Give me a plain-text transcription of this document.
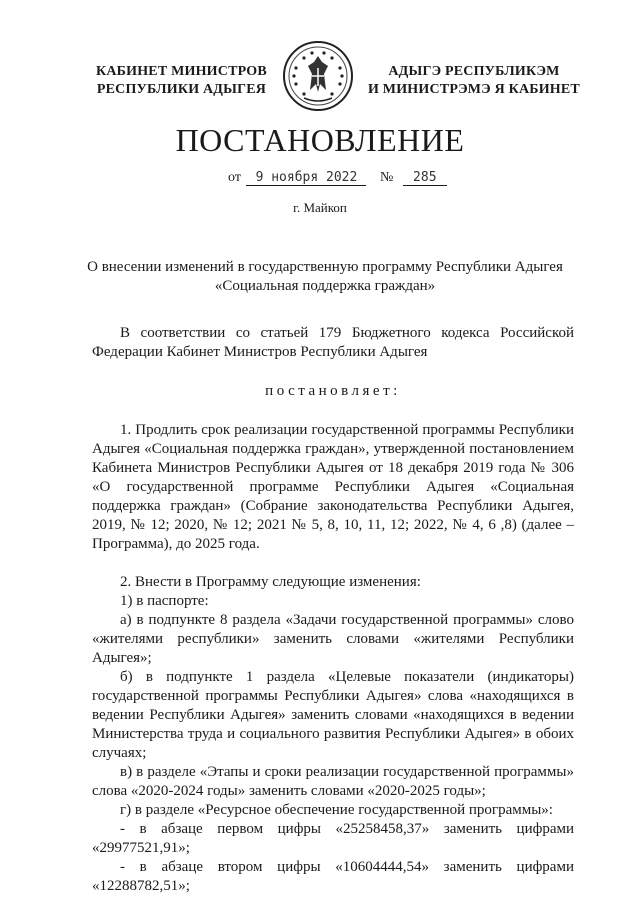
КАБИНЕТ МИНИСТРОВ
РЕСПУБЛИКИ АДЫГЕЯ
АДЫГЭ РЕСПУБЛИКЭМ
И МИНИСТРЭМЭ Я КАБИНЕТ
ПОСТАНОВЛЕНИЕ
от 9 ноября 2022 № 285
г. Майкоп
О внесении изменений в государственную программу Республики Адыгея
«Социальная поддержка граждан»

В соответствии со статьей 179 Бюджетного кодекса Российской Федерации Кабинет Министров Республики Адыгея

постановляет:

1. Продлить срок реализации государственной программы Республики Адыгея «Социальная поддержка граждан», утвержденной постановлением Кабинета Министров Республики Адыгея от 18 декабря 2019 года № 306 «О государственной программе Республики Адыгея «Социальная поддержка граждан» (Собрание законодательства Республики Адыгея, 2019, № 12; 2020, № 12; 2021 № 5, 8, 10, 11, 12; 2022, № 4, 6 ,8) (далее – Программа), до 2025 года.

2. Внести в Программу следующие изменения:

1) в паспорте:

а) в подпункте 8 раздела «Задачи государственной программы» слово «жителями республики» заменить словами «жителями Республики Адыгея»;

б) в подпункте 1 раздела «Целевые показатели (индикаторы) государственной программы Республики Адыгея» слова «находящихся в ведении Республики Адыгея» заменить словами «находящихся в ведении Министерства труда и социального развития Республики Адыгея» в обоих случаях;

в) в разделе «Этапы и сроки реализации государственной программы» слова «2020-2024 годы» заменить словами «2020-2025 годы»;

г) в разделе «Ресурсное обеспечение государственной программы»:

- в абзаце первом цифры «25258458,37» заменить цифрами «29977521,91»;

- в абзаце втором цифры «10604444,54» заменить цифрами «12288782,51»;
